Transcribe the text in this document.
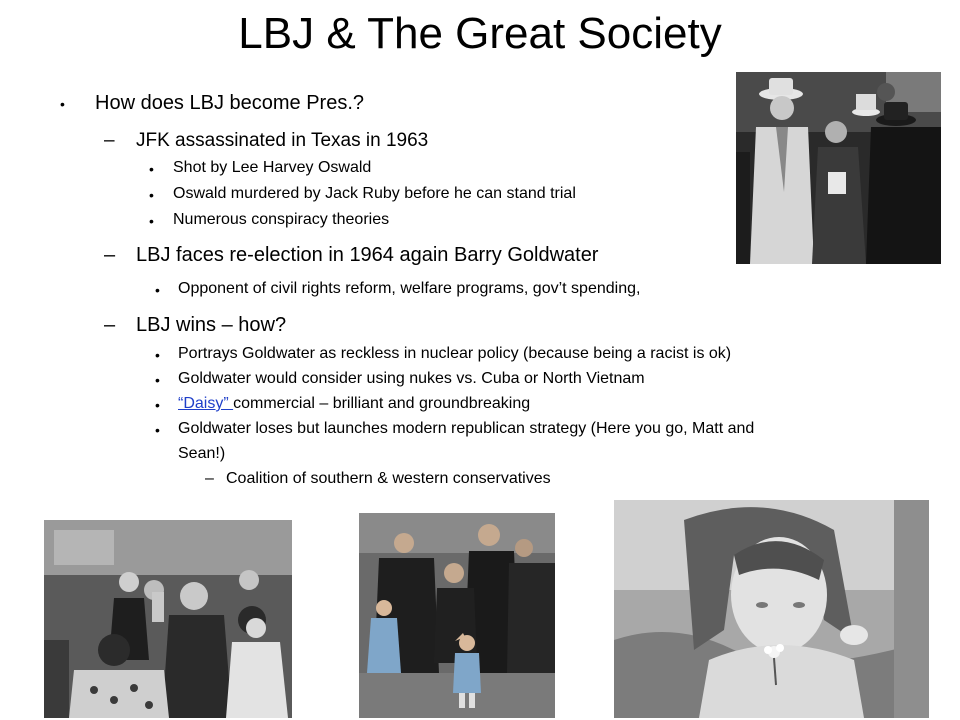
LBJ & The Great Society
• How does LBJ become Pres.?
– JFK assassinated in Texas in 1963
• Shot by Lee Harvey Oswald
• Oswald murdered by Jack Ruby before he can stand trial
• Numerous conspiracy theories
– LBJ faces re-election in 1964 again Barry Goldwater
• Opponent of civil rights reform, welfare programs, gov’t spending,
– LBJ wins – how?
• Portrays Goldwater as reckless in nuclear policy (because being a racist is ok)
• Goldwater would consider using nukes vs. Cuba or North Vietnam
• “Daisy” commercial – brilliant and groundbreaking
• Goldwater loses but launches modern republican strategy (Here you go, Matt and
Sean!)
– Coalition of southern & western conservatives
